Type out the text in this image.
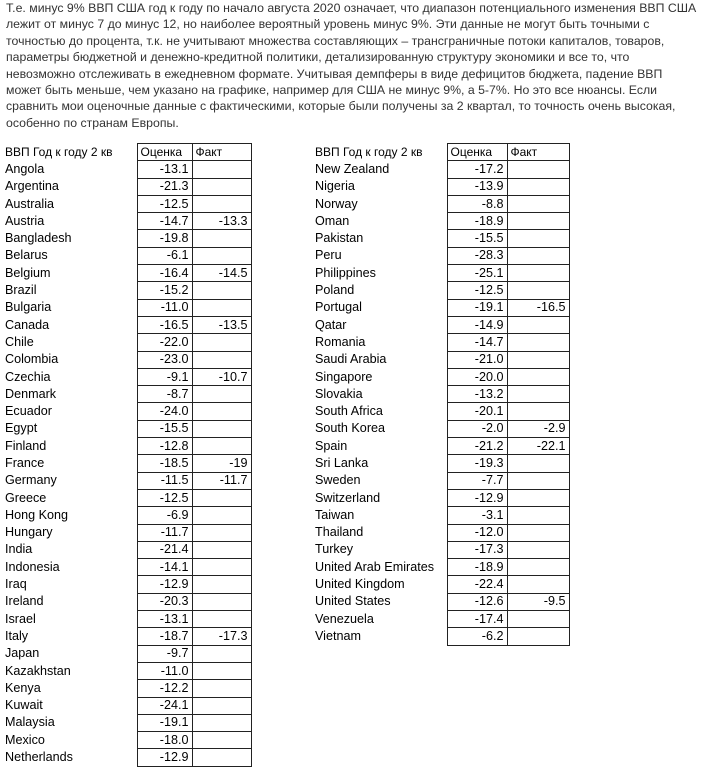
Т.е. минус 9% ВВП США год к году по начало августа 2020 означает, что диапазон потенциального изменения ВВП США лежит от минус 7 до минус 12, но наиболее вероятный уровень минус 9%. Эти данные не могут быть точными с точностью до процента, т.к. не учитывают множества составляющих – трансграничные потоки капиталов, товаров, параметры бюджетной и денежно-кредитной политики, детализированную структуру экономики и все то, что невозможно отслеживать в ежедневном формате. Учитывая демпферы в виде дефицитов бюджета, падение ВВП может быть меньше, чем указано на графике, например для США не минус 9%, а 5-7%. Но это все нюансы. Если сравнить мои оценочные данные с фактическими, которые были получены за 2 квартал, то точность очень высокая, особенно по странам Европы.

ВВП Год к году 2 кв	Оценка	Факт
Angola	-13.1	
Argentina	-21.3	
Australia	-12.5	
Austria	-14.7	-13.3
Bangladesh	-19.8	
Belarus	-6.1	
Belgium	-16.4	-14.5
Brazil	-15.2	
Bulgaria	-11.0	
Canada	-16.5	-13.5
Chile	-22.0	
Colombia	-23.0	
Czechia	-9.1	-10.7
Denmark	-8.7	
Ecuador	-24.0	
Egypt	-15.5	
Finland	-12.8	
France	-18.5	-19
Germany	-11.5	-11.7
Greece	-12.5	
Hong Kong	-6.9	
Hungary	-11.7	
India	-21.4	
Indonesia	-14.1	
Iraq	-12.9	
Ireland	-20.3	
Israel	-13.1	
Italy	-18.7	-17.3
Japan	-9.7	
Kazakhstan	-11.0	
Kenya	-12.2	
Kuwait	-24.1	
Malaysia	-19.1	
Mexico	-18.0	
Netherlands	-12.9	
ВВП Год к году 2 кв	Оценка	Факт
New Zealand	-17.2	
Nigeria	-13.9	
Norway	-8.8	
Oman	-18.9	
Pakistan	-15.5	
Peru	-28.3	
Philippines	-25.1	
Poland	-12.5	
Portugal	-19.1	-16.5
Qatar	-14.9	
Romania	-14.7	
Saudi Arabia	-21.0	
Singapore	-20.0	
Slovakia	-13.2	
South Africa	-20.1	
South Korea	-2.0	-2.9
Spain	-21.2	-22.1
Sri Lanka	-19.3	
Sweden	-7.7	
Switzerland	-12.9	
Taiwan	-3.1	
Thailand	-12.0	
Turkey	-17.3	
United Arab Emirates	-18.9	
United Kingdom	-22.4	
United States	-12.6	-9.5
Venezuela	-17.4	
Vietnam	-6.2	
